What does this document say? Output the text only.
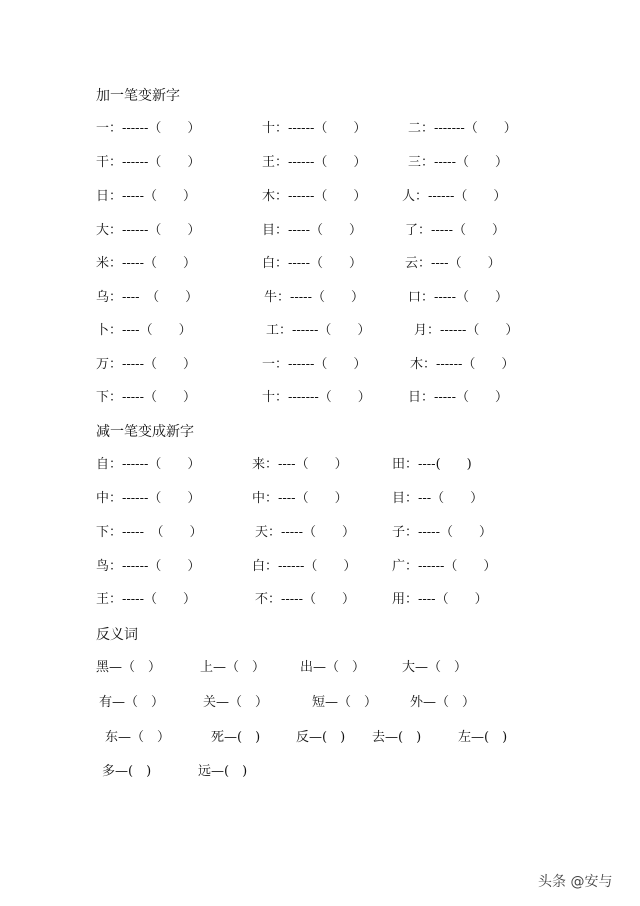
加一笔变新字
一：------（　　）	十：------（　　）	二：-------（　　）
干：------（　　）	王：------（　　）	三：-----（　　）
日：-----（　　）	木：------（　　）	人：------（　　）
大：------（　　）	目：-----（　　）	了：-----（　　）
米：-----（　　）	白：-----（　　）	云：----（　　）
乌：----　（　　）	牛：-----（　　）	口：-----（　　）
卜：----（　　）	工：------（　　）	月：------（　　）
万：-----（　　）	一：------（　　）	木：------（　　）
下：-----（　　）	十：-------（　　）	日：-----（　　）
减一笔变成新字
自：------（　　）	来：----（　　）	田：----(　　)
中：------（　　）	中：----（　　）	目：---（　　）
下：-----　（　　）	天：-----（　　）	子：-----（　　）
鸟：------（　　）	白：------（　　）	广：------（　　）
王：-----（　　）	不：-----（　　）	用：----（　　）
反义词
黑—（　）	上—（　）	出—（　）	大—（　）
有—（　）	关—（　）	短—（　）	外—（　）
东—（　）	死—(　)	反—(　) 去—(　)	左—(　)
多—(　)	远—(　)
头条 @安与
